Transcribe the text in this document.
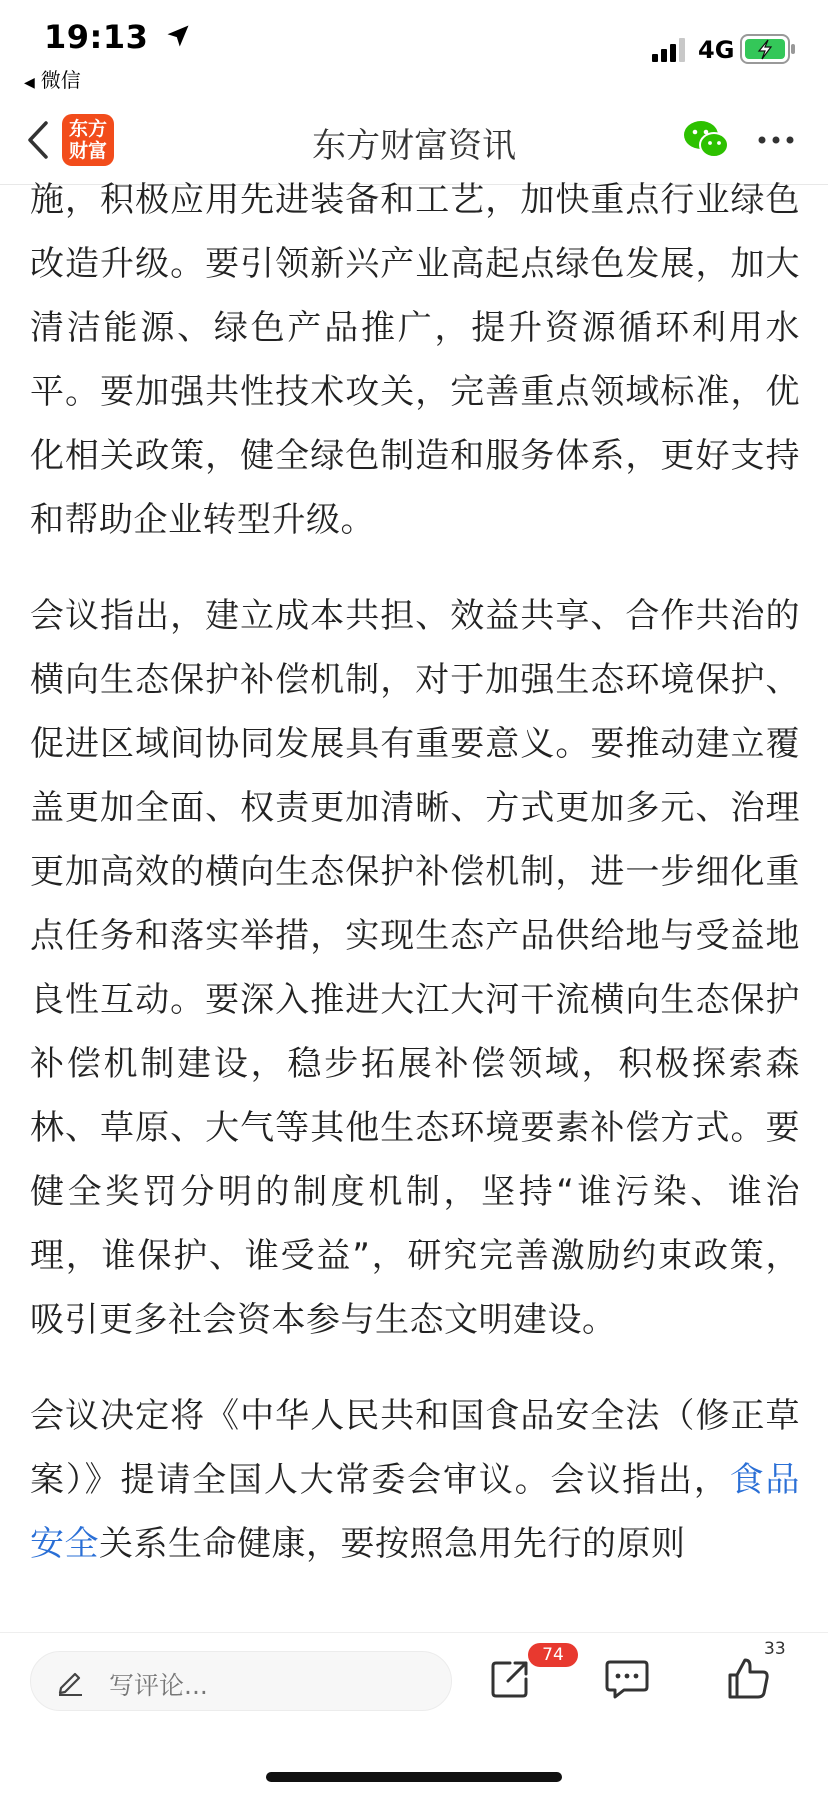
19:13
◀ 微信
4G
东方
财富	东方财富资讯

施，积极应用先进装备和工艺，加快重点行业绿色改造升级。要引领新兴产业高起点绿色发展，加大清洁能源、绿色产品推广，提升资源循环利用水平。要加强共性技术攻关，完善重点领域标准，优化相关政策，健全绿色制造和服务体系，更好支持和帮助企业转型升级。

会议指出，建立成本共担、效益共享、合作共治的横向生态保护补偿机制，对于加强生态环境保护、促进区域间协同发展具有重要意义。要推动建立覆盖更加全面、权责更加清晰、方式更加多元、治理更加高效的横向生态保护补偿机制，进一步细化重点任务和落实举措，实现生态产品供给地与受益地良性互动。要深入推进大江大河干流横向生态保护补偿机制建设，稳步拓展补偿领域，积极探索森林、草原、大气等其他生态环境要素补偿方式。要健全奖罚分明的制度机制，坚持“谁污染、谁治理，谁保护、谁受益”，研究完善激励约束政策，吸引更多社会资本参与生态文明建设。

会议决定将《中华人民共和国食品安全法（修正草案）》提请全国人大常委会审议。会议指出，食品安全关系生命健康，要按照急用先行的原则

写评论...
74	33
